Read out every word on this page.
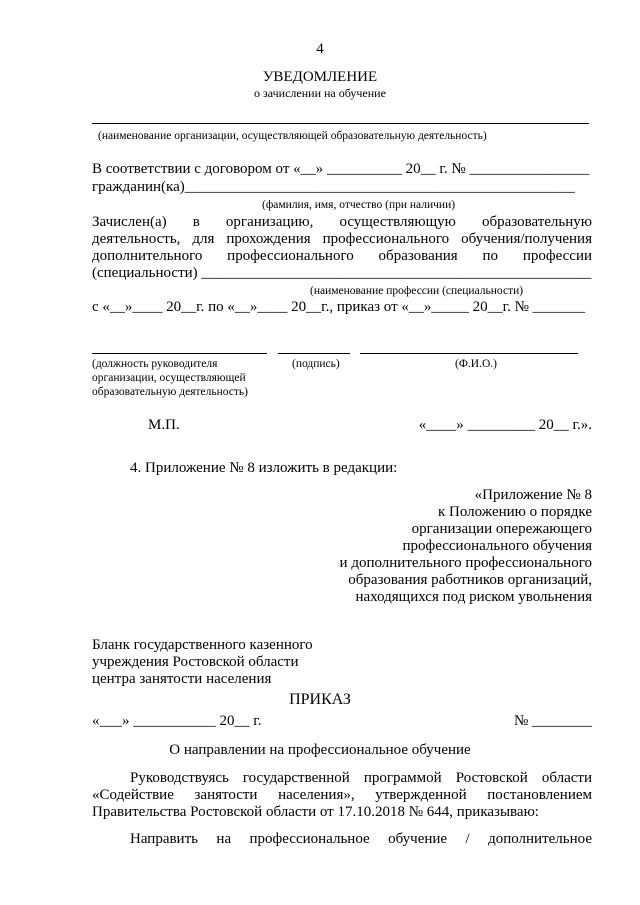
4
УВЕДОМЛЕНИЕ
о зачислении на обучение
(наименование организации, осуществляющей образовательную деятельность)
В соответствии с договором от «__» __________ 20__ г. № ________________
гражданин(ка)____________________________________________________
(фамилия, имя, отчество (при наличии)
Зачислен(а) в организацию, осуществляющую образовательную
деятельность, для прохождения профессионального обучения/получения
дополнительного профессионального образования по профессии
(специальности) ____________________________________________________
(наименование профессии (специальности)
с «__»____ 20__г. по «__»____ 20__г., приказ от «__»_____ 20__г. № _______
(должность руководителя
организации, осуществляющей
образовательную деятельность)
(подпись)	(Ф.И.О.)
М.П.	«____» _________ 20__ г.».
4. Приложение № 8 изложить в редакции:
«Приложение № 8
к Положению о порядке
организации опережающего
профессионального обучения
и дополнительного профессионального
образования работников организаций,
находящихся под риском увольнения
Бланк государственного казенного
учреждения Ростовской области
центра занятости населения
ПРИКАЗ
«___» ___________ 20__ г.	№ ________
О направлении на профессиональное обучение
Руководствуясь государственной программой Ростовской области
«Содействие занятости населения», утвержденной постановлением
Правительства Ростовской области от 17.10.2018 № 644, приказываю:
Направить на профессиональное обучение / дополнительное
